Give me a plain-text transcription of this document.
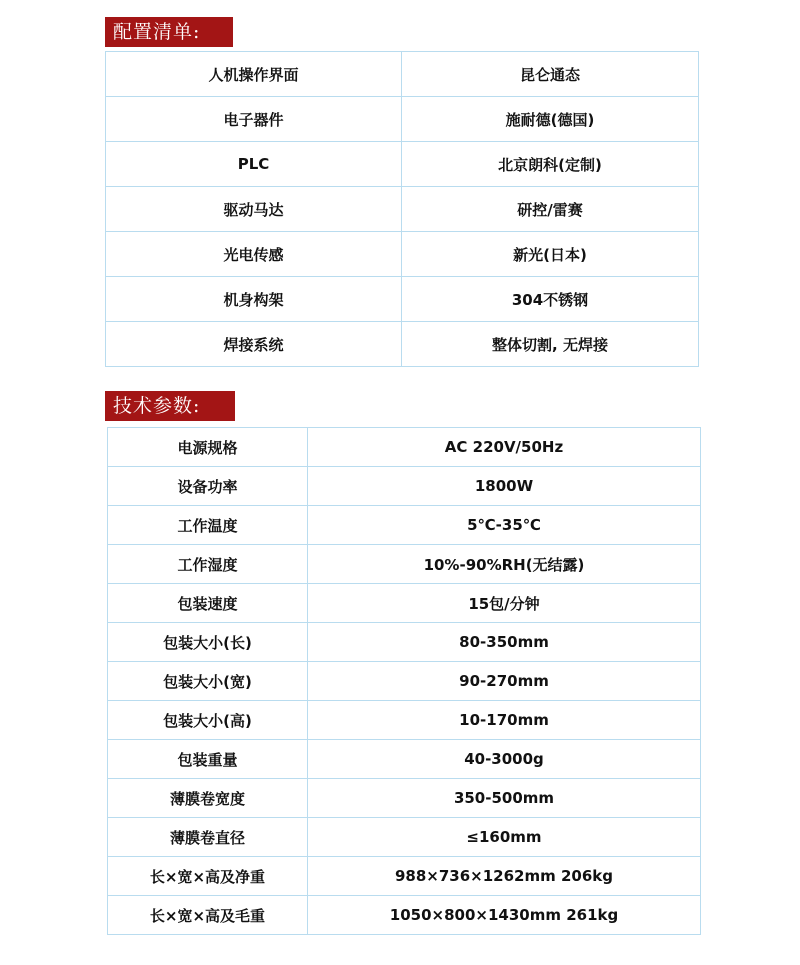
配置清单:
人机操作界面	昆仑通态
电子器件	施耐德(德国)
PLC	北京朗科(定制)
驱动马达	研控/雷赛
光电传感	新光(日本)
机身构架	304不锈钢
焊接系统	整体切割, 无焊接
技术参数:
电源规格	AC 220V/50Hz
设备功率	1800W
工作温度	5℃-35℃
工作湿度	10%-90%RH(无结露)
包装速度	15包/分钟
包装大小(长)	80-350mm
包装大小(宽)	90-270mm
包装大小(高)	10-170mm
包装重量	40-3000g
薄膜卷宽度	350-500mm
薄膜卷直径	≤160mm
长×宽×高及净重	988×736×1262mm 206kg
长×宽×高及毛重	1050×800×1430mm 261kg
